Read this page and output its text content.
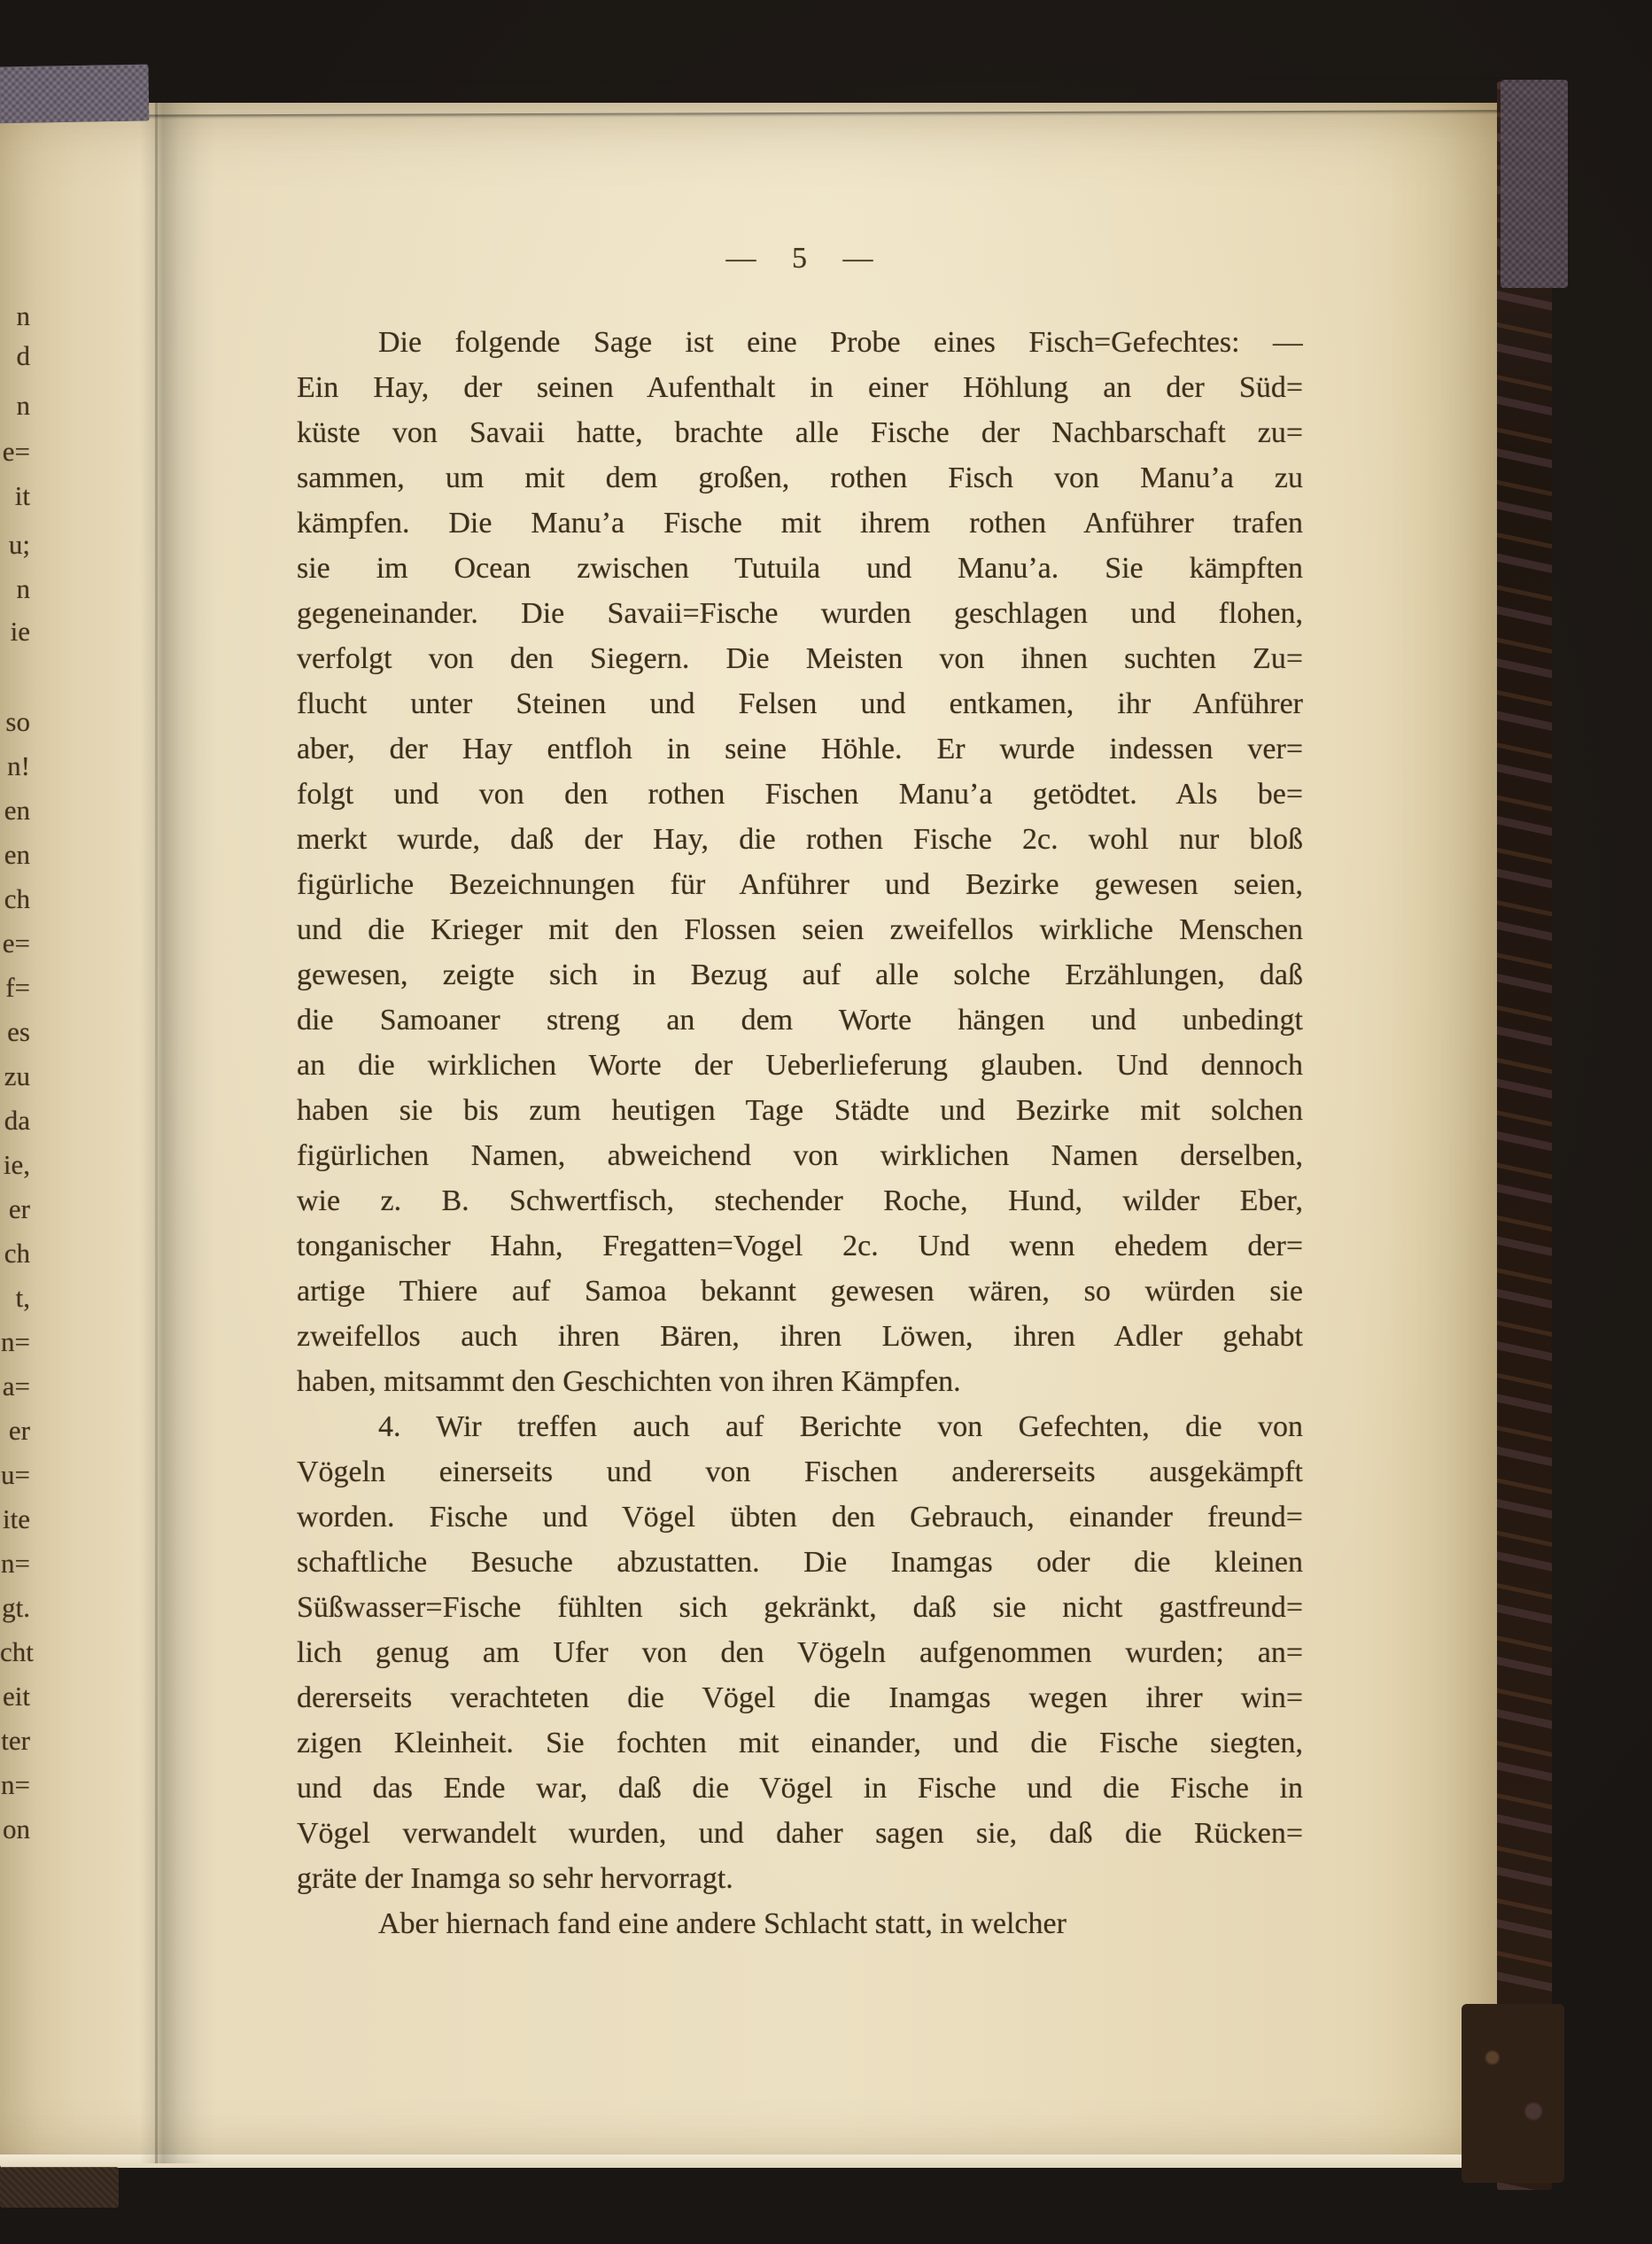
— 5 —
Die folgende Sage ist eine Probe eines Fisch=Gefechtes: —
Ein Hay, der seinen Aufenthalt in einer Höhlung an der Süd=
küste von Savaii hatte, brachte alle Fische der Nachbarschaft zu=
sammen, um mit dem großen, rothen Fisch von Manu’a zu
kämpfen. Die Manu’a Fische mit ihrem rothen Anführer trafen
sie im Ocean zwischen Tutuila und Manu’a. Sie kämpften
gegeneinander. Die Savaii=Fische wurden geschlagen und flohen,
verfolgt von den Siegern. Die Meisten von ihnen suchten Zu=
flucht unter Steinen und Felsen und entkamen, ihr Anführer
aber, der Hay entfloh in seine Höhle. Er wurde indessen ver=
folgt und von den rothen Fischen Manu’a getödtet. Als be=
merkt wurde, daß der Hay, die rothen Fische 2c. wohl nur bloß
figürliche Bezeichnungen für Anführer und Bezirke gewesen seien,
und die Krieger mit den Flossen seien zweifellos wirkliche Menschen
gewesen, zeigte sich in Bezug auf alle solche Erzählungen, daß
die Samoaner streng an dem Worte hängen und unbedingt
an die wirklichen Worte der Ueberlieferung glauben. Und dennoch
haben sie bis zum heutigen Tage Städte und Bezirke mit solchen
figürlichen Namen, abweichend von wirklichen Namen derselben,
wie z. B. Schwertfisch, stechender Roche, Hund, wilder Eber,
tonganischer Hahn, Fregatten=Vogel 2c. Und wenn ehedem der=
artige Thiere auf Samoa bekannt gewesen wären, so würden sie
zweifellos auch ihren Bären, ihren Löwen, ihren Adler gehabt
haben, mitsammt den Geschichten von ihren Kämpfen.
4. Wir treffen auch auf Berichte von Gefechten, die von
Vögeln einerseits und von Fischen andererseits ausgekämpft
worden. Fische und Vögel übten den Gebrauch, einander freund=
schaftliche Besuche abzustatten. Die Inamgas oder die kleinen
Süßwasser=Fische fühlten sich gekränkt, daß sie nicht gastfreund=
lich genug am Ufer von den Vögeln aufgenommen wurden; an=
dererseits verachteten die Vögel die Inamgas wegen ihrer win=
zigen Kleinheit. Sie fochten mit einander, und die Fische siegten,
und das Ende war, daß die Vögel in Fische und die Fische in
Vögel verwandelt wurden, und daher sagen sie, daß die Rücken=
gräte der Inamga so sehr hervorragt.
Aber hiernach fand eine andere Schlacht statt, in welcher
n
d
n
e=
it
u;
n
ie
so
n!
en
en
ch
e=
f=
es
zu
da
ie,
er
ch
t,
n=
a=
er
u=
ite
n=
gt.
cht
eit
ter
n=
on
